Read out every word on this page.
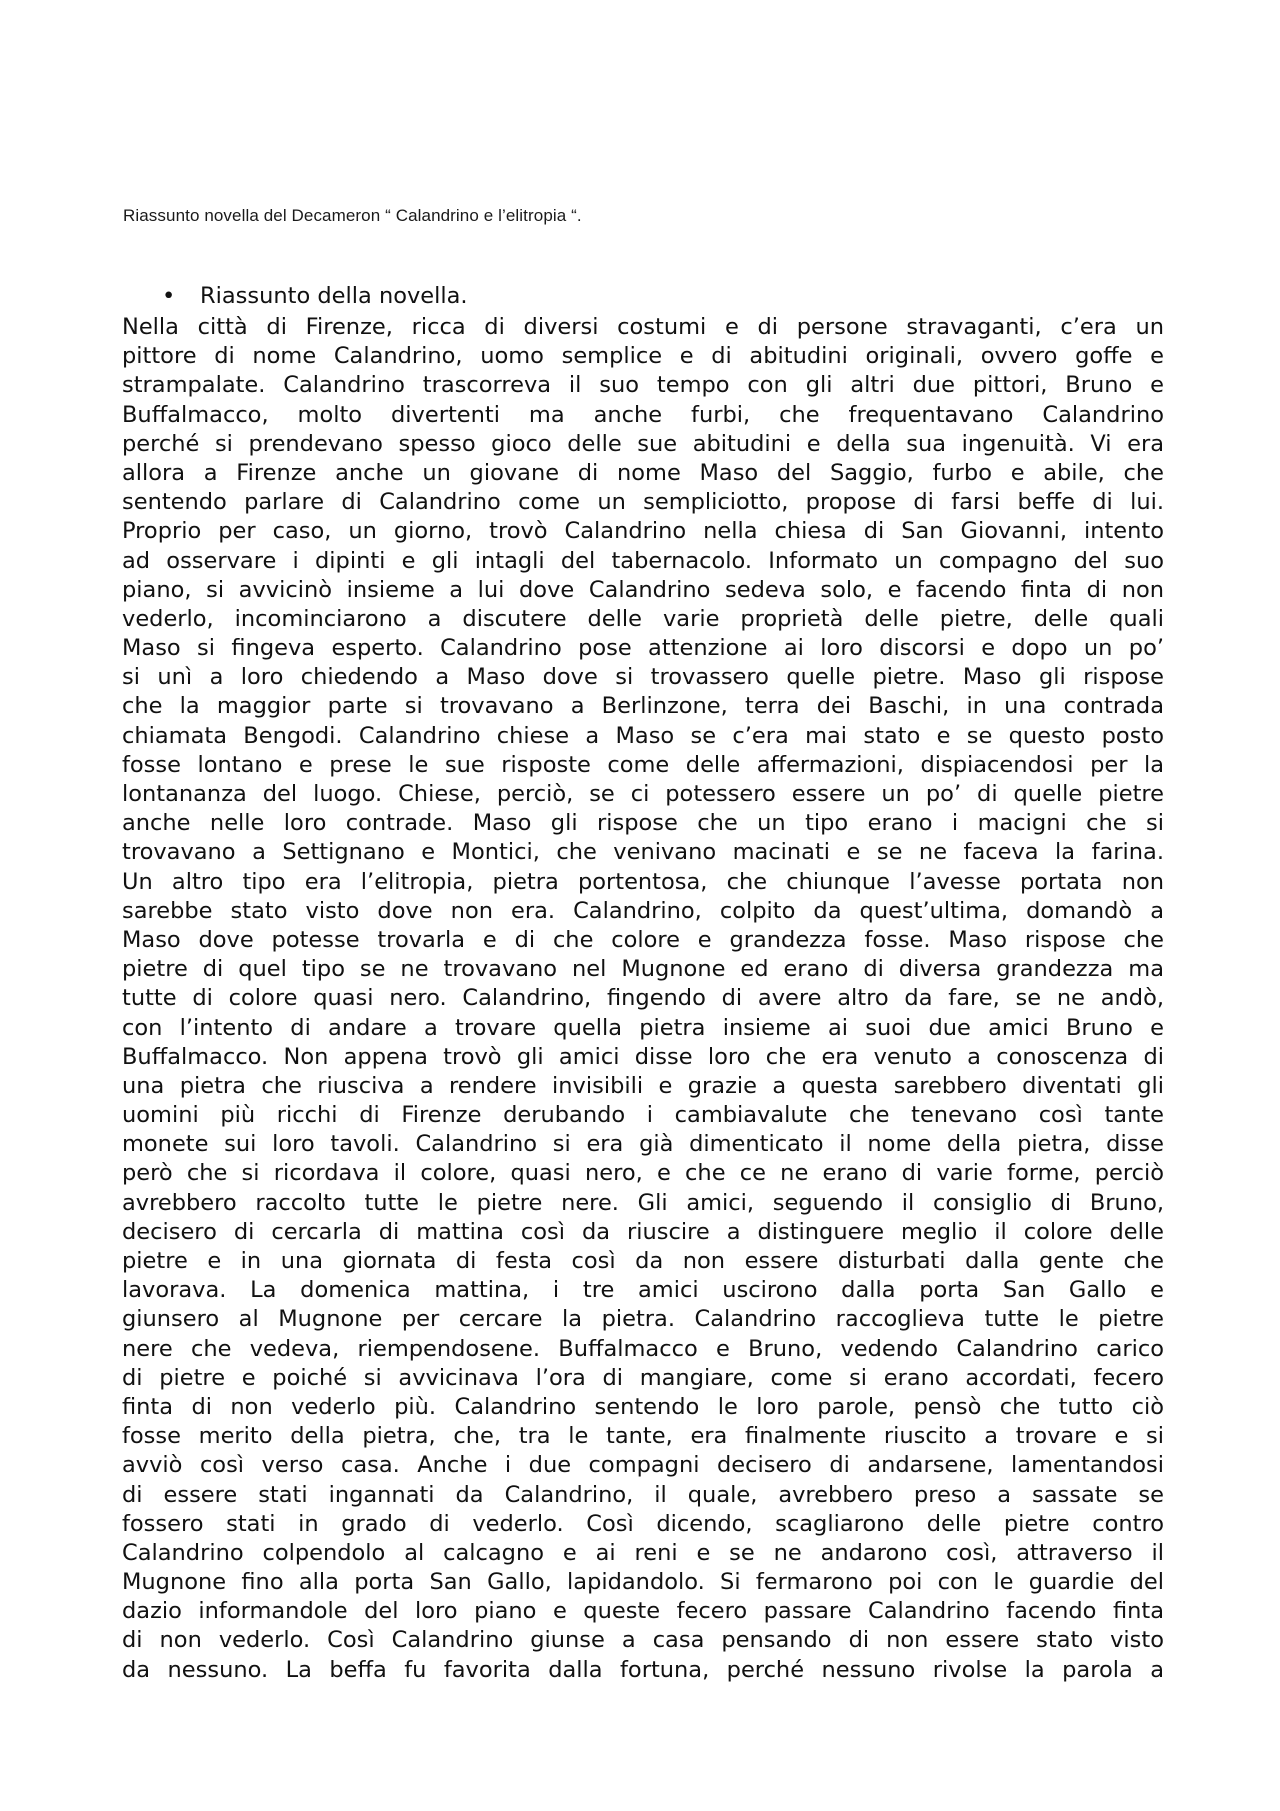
Riassunto novella del Decameron “ Calandrino e l’elitropia “.
•	Riassunto della novella.
Nella città di Firenze, ricca di diversi costumi e di persone stravaganti, c’era un
pittore di nome Calandrino, uomo semplice e di abitudini originali, ovvero goffe e
strampalate. Calandrino trascorreva il suo tempo con gli altri due pittori, Bruno e
Buffalmacco, molto divertenti ma anche furbi, che frequentavano Calandrino
perché si prendevano spesso gioco delle sue abitudini e della sua ingenuità. Vi era
allora a Firenze anche un giovane di nome Maso del Saggio, furbo e abile, che
sentendo parlare di Calandrino come un sempliciotto, propose di farsi beffe di lui.
Proprio per caso, un giorno, trovò Calandrino nella chiesa di San Giovanni, intento
ad osservare i dipinti e gli intagli del tabernacolo. Informato un compagno del suo
piano, si avvicinò insieme a lui dove Calandrino sedeva solo, e facendo finta di non
vederlo, incominciarono a discutere delle varie proprietà delle pietre, delle quali
Maso si fingeva esperto. Calandrino pose attenzione ai loro discorsi e dopo un po’
si unì a loro chiedendo a Maso dove si trovassero quelle pietre. Maso gli rispose
che la maggior parte si trovavano a Berlinzone, terra dei Baschi, in una contrada
chiamata Bengodi. Calandrino chiese a Maso se c’era mai stato e se questo posto
fosse lontano e prese le sue risposte come delle affermazioni, dispiacendosi per la
lontananza del luogo. Chiese, perciò, se ci potessero essere un po’ di quelle pietre
anche nelle loro contrade. Maso gli rispose che un tipo erano i macigni che si
trovavano a Settignano e Montici, che venivano macinati e se ne faceva la farina.
Un altro tipo era l’elitropia, pietra portentosa, che chiunque l’avesse portata non
sarebbe stato visto dove non era. Calandrino, colpito da quest’ultima, domandò a
Maso dove potesse trovarla e di che colore e grandezza fosse. Maso rispose che
pietre di quel tipo se ne trovavano nel Mugnone ed erano di diversa grandezza ma
tutte di colore quasi nero. Calandrino, fingendo di avere altro da fare, se ne andò,
con l’intento di andare a trovare quella pietra insieme ai suoi due amici Bruno e
Buffalmacco. Non appena trovò gli amici disse loro che era venuto a conoscenza di
una pietra che riusciva a rendere invisibili e grazie a questa sarebbero diventati gli
uomini più ricchi di Firenze derubando i cambiavalute che tenevano così tante
monete sui loro tavoli. Calandrino si era già dimenticato il nome della pietra, disse
però che si ricordava il colore, quasi nero, e che ce ne erano di varie forme, perciò
avrebbero raccolto tutte le pietre nere. Gli amici, seguendo il consiglio di Bruno,
decisero di cercarla di mattina così da riuscire a distinguere meglio il colore delle
pietre e in una giornata di festa così da non essere disturbati dalla gente che
lavorava. La domenica mattina, i tre amici uscirono dalla porta San Gallo e
giunsero al Mugnone per cercare la pietra. Calandrino raccoglieva tutte le pietre
nere che vedeva, riempendosene. Buffalmacco e Bruno, vedendo Calandrino carico
di pietre e poiché si avvicinava l’ora di mangiare, come si erano accordati, fecero
finta di non vederlo più. Calandrino sentendo le loro parole, pensò che tutto ciò
fosse merito della pietra, che, tra le tante, era finalmente riuscito a trovare e si
avviò così verso casa. Anche i due compagni decisero di andarsene, lamentandosi
di essere stati ingannati da Calandrino, il quale, avrebbero preso a sassate se
fossero stati in grado di vederlo. Così dicendo, scagliarono delle pietre contro
Calandrino colpendolo al calcagno e ai reni e se ne andarono così, attraverso il
Mugnone fino alla porta San Gallo, lapidandolo. Si fermarono poi con le guardie del
dazio informandole del loro piano e queste fecero passare Calandrino facendo finta
di non vederlo. Così Calandrino giunse a casa pensando di non essere stato visto
da nessuno. La beffa fu favorita dalla fortuna, perché nessuno rivolse la parola a
